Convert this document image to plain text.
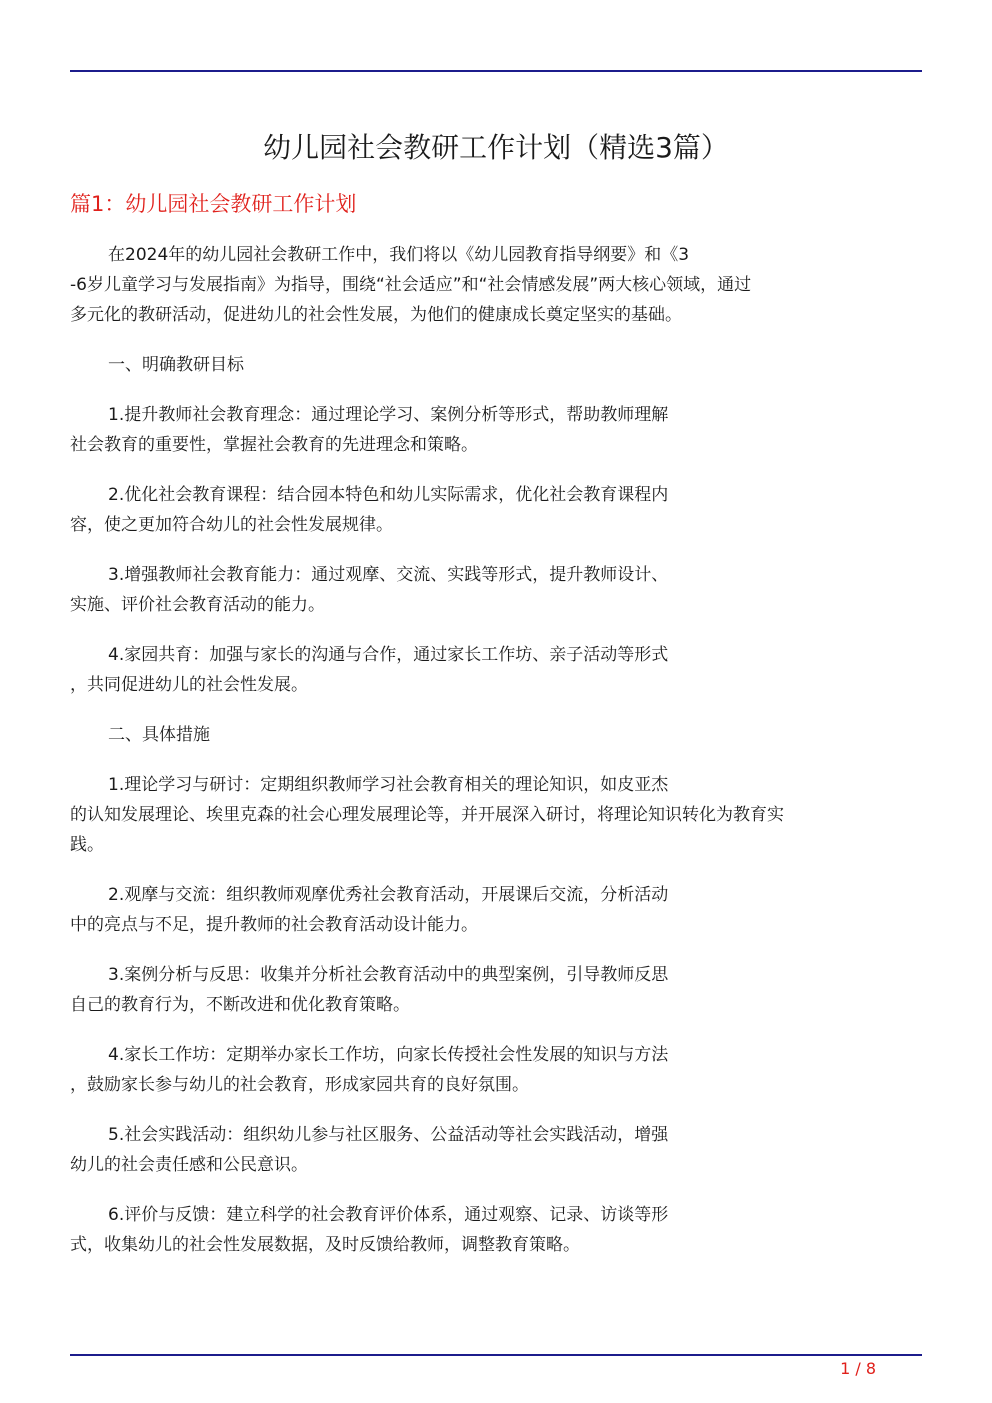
幼儿园社会教研工作计划（精选3篇）
篇1：幼儿园社会教研工作计划

在2024年的幼儿园社会教研工作中，我们将以《幼儿园教育指导纲要》和《3
-6岁儿童学习与发展指南》为指导，围绕“社会适应”和“社会情感发展”两大核心领域，通过
多元化的教研活动，促进幼儿的社会性发展，为他们的健康成长奠定坚实的基础。

一、明确教研目标

1.提升教师社会教育理念：通过理论学习、案例分析等形式，帮助教师理解
社会教育的重要性，掌握社会教育的先进理念和策略。

2.优化社会教育课程：结合园本特色和幼儿实际需求，优化社会教育课程内
容，使之更加符合幼儿的社会性发展规律。

3.增强教师社会教育能力：通过观摩、交流、实践等形式，提升教师设计、
实施、评价社会教育活动的能力。

4.家园共育：加强与家长的沟通与合作，通过家长工作坊、亲子活动等形式
，共同促进幼儿的社会性发展。

二、具体措施

1.理论学习与研讨：定期组织教师学习社会教育相关的理论知识，如皮亚杰
的认知发展理论、埃里克森的社会心理发展理论等，并开展深入研讨，将理论知识转化为教育实
践。

2.观摩与交流：组织教师观摩优秀社会教育活动，开展课后交流，分析活动
中的亮点与不足，提升教师的社会教育活动设计能力。

3.案例分析与反思：收集并分析社会教育活动中的典型案例，引导教师反思
自己的教育行为，不断改进和优化教育策略。

4.家长工作坊：定期举办家长工作坊，向家长传授社会性发展的知识与方法
，鼓励家长参与幼儿的社会教育，形成家园共育的良好氛围。

5.社会实践活动：组织幼儿参与社区服务、公益活动等社会实践活动，增强
幼儿的社会责任感和公民意识。

6.评价与反馈：建立科学的社会教育评价体系，通过观察、记录、访谈等形
式，收集幼儿的社会性发展数据，及时反馈给教师，调整教育策略。

1 / 8
